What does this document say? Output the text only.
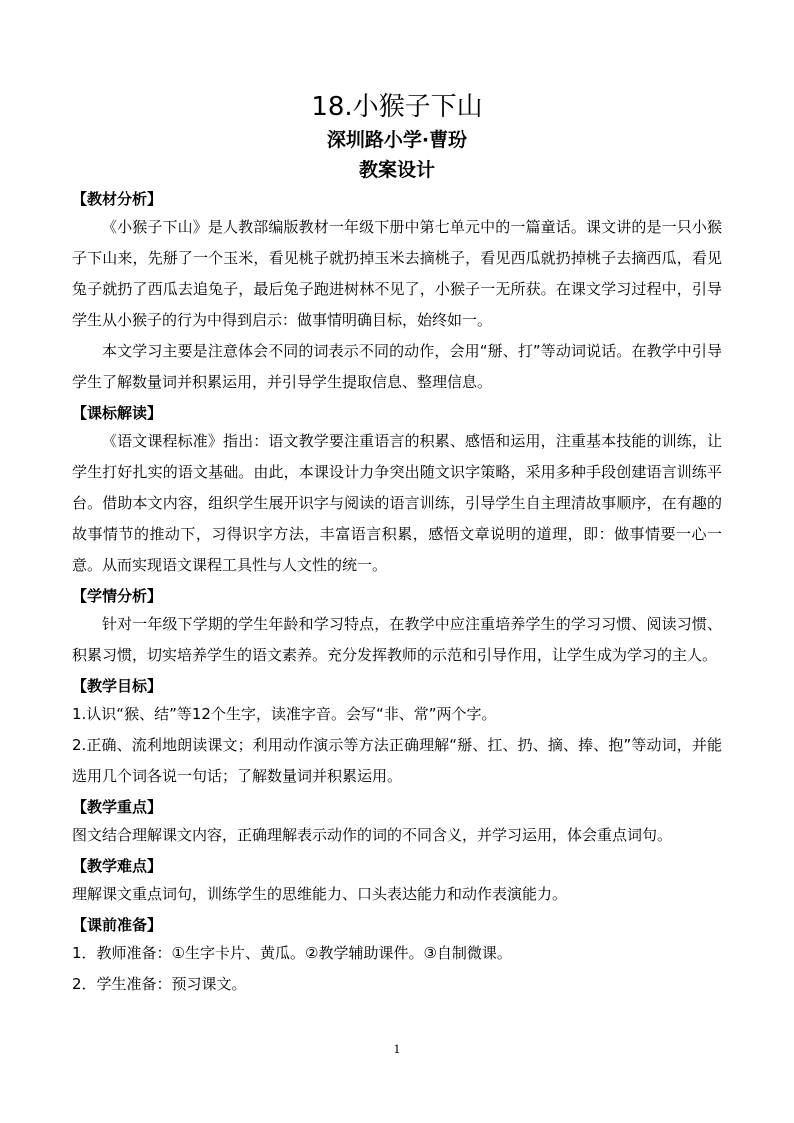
18.小猴子下山
深圳路小学·曹玢
教案设计
【教材分析】

《小猴子下山》是人教部编版教材一年级下册中第七单元中的一篇童话。课文讲的是一只小猴子下山来，先掰了一个玉米，看见桃子就扔掉玉米去摘桃子，看见西瓜就扔掉桃子去摘西瓜，看见兔子就扔了西瓜去追兔子，最后兔子跑进树林不见了，小猴子一无所获。在课文学习过程中，引导学生从小猴子的行为中得到启示：做事情明确目标，始终如一。

本文学习主要是注意体会不同的词表示不同的动作，会用“掰、打”等动词说话。在教学中引导学生了解数量词并积累运用，并引导学生提取信息、整理信息。

【课标解读】

《语文课程标准》指出：语文教学要注重语言的积累、感悟和运用，注重基本技能的训练，让学生打好扎实的语文基础。由此，本课设计力争突出随文识字策略，采用多种手段创建语言训练平台。借助本文内容，组织学生展开识字与阅读的语言训练，引导学生自主理清故事顺序，在有趣的故事情节的推动下，习得识字方法，丰富语言积累，感悟文章说明的道理，即：做事情要一心一意。从而实现语文课程工具性与人文性的统一。

【学情分析】

针对一年级下学期的学生年龄和学习特点，在教学中应注重培养学生的学习习惯、阅读习惯、积累习惯，切实培养学生的语文素养。充分发挥教师的示范和引导作用，让学生成为学习的主人。

【教学目标】

1.认识“猴、结”等12个生字，读准字音。会写“非、常”两个字。

2.正确、流利地朗读课文；利用动作演示等方法正确理解“掰、扛、扔、摘、捧、抱”等动词，并能选用几个词各说一句话；了解数量词并积累运用。

【教学重点】

图文结合理解课文内容，正确理解表示动作的词的不同含义，并学习运用，体会重点词句。

【教学难点】

理解课文重点词句，训练学生的思维能力、口头表达能力和动作表演能力。

【课前准备】

1．教师准备：①生字卡片、黄瓜。②教学辅助课件。③自制微课。

2．学生准备：预习课文。

1
